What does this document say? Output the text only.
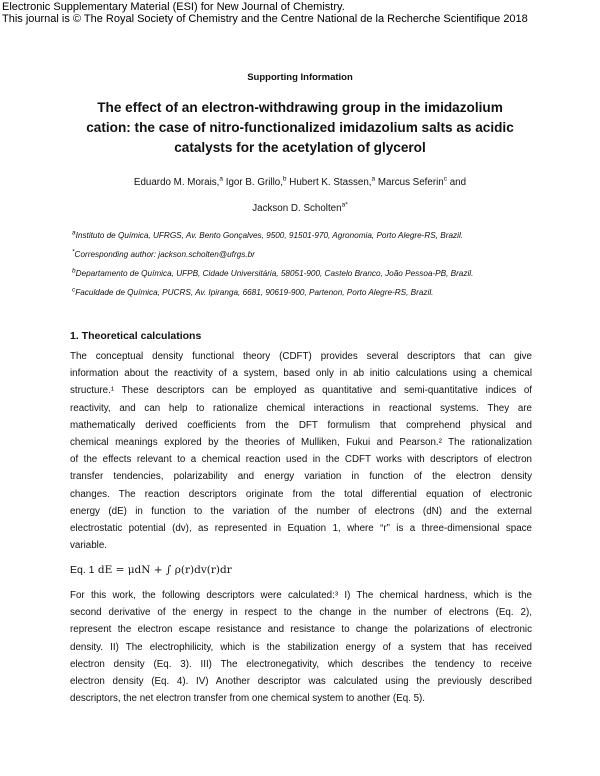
Electronic Supplementary Material (ESI) for New Journal of Chemistry.
This journal is © The Royal Society of Chemistry and the Centre National de la Recherche Scientifique 2018
Supporting Information
The effect of an electron-withdrawing group in the imidazolium
cation: the case of nitro-functionalized imidazolium salts as acidic
catalysts for the acetylation of glycerol
Eduardo M. Morais,$^a$ Igor B. Grillo,$^b$ Hubert K. Stassen,$^a$ Marcus Seferin$^c$ and
Jackson D. Scholten$^{a*}$
$^a$Instituto de Química, UFRGS, Av. Bento Gonçalves, 9500, 91501-970, Agronomia, Porto Alegre-RS, Brazil.
*Corresponding author: jackson.scholten@ufrgs.br
$^b$Departamento de Química, UFPB, Cidade Universitária, 58051-900, Castelo Branco, João Pessoa-PB, Brazil.
$^c$Faculdade de Química, PUCRS, Av. Ipiranga, 6681, 90619-900, Partenon, Porto Alegre-RS, Brazil.
1. Theoretical calculations
The conceptual density functional theory (CDFT) provides several descriptors that can give
information about the reactivity of a system, based only in ab initio calculations using a chemical
structure.¹ These descriptors can be employed as quantitative and semi-quantitative indices of
reactivity, and can help to rationalize chemical interactions in reactional systems. They are
mathematically derived coefficients from the DFT formulism that comprehend physical and
chemical meanings explored by the theories of Mulliken, Fukui and Pearson.² The rationalization
of the effects relevant to a chemical reaction used in the CDFT works with descriptors of electron
transfer tendencies, polarizability and energy variation in function of the electron density
changes. The reaction descriptors originate from the total differential equation of electronic
energy (dE) in function to the variation of the number of electrons (dN) and the external
electrostatic potential (dv), as represented in Equation 1, where “r” is a three-dimensional space
variable.
Eq. 1 dE = μdN + ∫ ρ(r)dv(r)dr
For this work, the following descriptors were calculated:³ I) The chemical hardness, which is the
second derivative of the energy in respect to the change in the number of electrons (Eq. 2),
represent the electron escape resistance and resistance to change the polarizations of electronic
density. II) The electrophilicity, which is the stabilization energy of a system that has received
electron density (Eq. 3). III) The electronegativity, which describes the tendency to receive
electron density (Eq. 4). IV) Another descriptor was calculated using the previously described
descriptors, the net electron transfer from one chemical system to another (Eq. 5).
